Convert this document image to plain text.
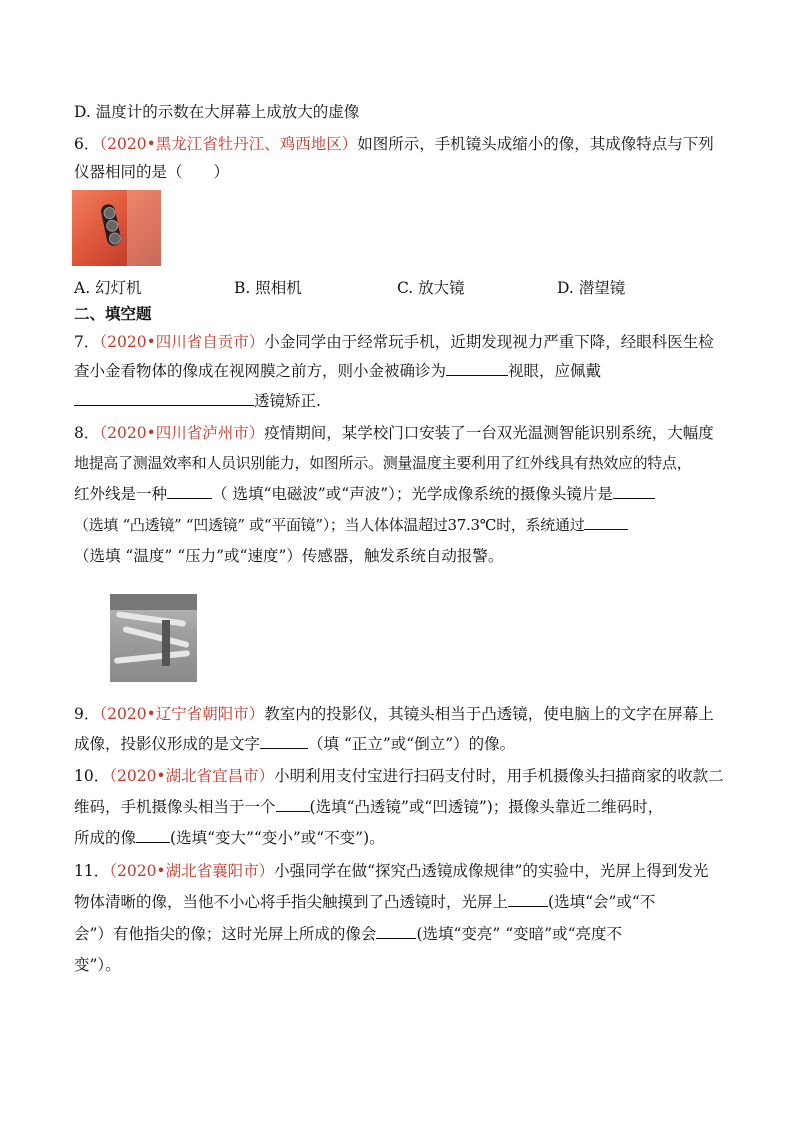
D. 温度计的示数在大屏幕上成放大的虚像
6．（2020•黑龙江省牡丹江、鸡西地区）如图所示，手机镜头成缩小的像，其成像特点与下列
仪器相同的是（　　）
A. 幻灯机	B. 照相机	C. 放大镜	D. 潜望镜
二、填空题
7．（2020•四川省自贡市）小金同学由于经常玩手机，近期发现视力严重下降，经眼科医生检
查小金看物体的像成在视网膜之前方，则小金被确诊为	视眼，应佩戴
透镜矫正.
8．（2020•四川省泸州市）疫情期间，某学校门口安装了一台双光温测智能识别系统，大幅度
地提高了测温效率和人员识别能力，如图所示。测量温度主要利用了红外线具有热效应的特点，
红外线是一种	（ 选填“电磁波”或“声波”）；光学成像系统的摄像头镜片是
（选填 “凸透镜” “凹透镜” 或“平面镜”）；当人体体温超过37.3℃时，系统通过
（选填 “温度” “压力”或“速度”）传感器，触发系统自动报警。
9．（2020•辽宁省朝阳市）教室内的投影仪，其镜头相当于凸透镜，使电脑上的文字在屏幕上
成像，投影仪形成的是文字	（填 “正立”或“倒立”）的像。
10．（2020•湖北省宜昌市）小明利用支付宝进行扫码支付时，用手机摄像头扫描商家的收款二
维码，手机摄像头相当于一个 (选填“凸透镜”或“凹透镜”)；摄像头靠近二维码时，
所成的像 (选填“变大”“变小”或“不变”)。
11．（2020•湖北省襄阳市）小强同学在做“探究凸透镜成像规律”的实验中，光屏上得到发光
物体清晰的像，当他不小心将手指尖触摸到了凸透镜时，光屏上	(选填“会”或“不
会”）有他指尖的像；这时光屏上所成的像会	(选填“变亮” “变暗”或“亮度不
变”）。
